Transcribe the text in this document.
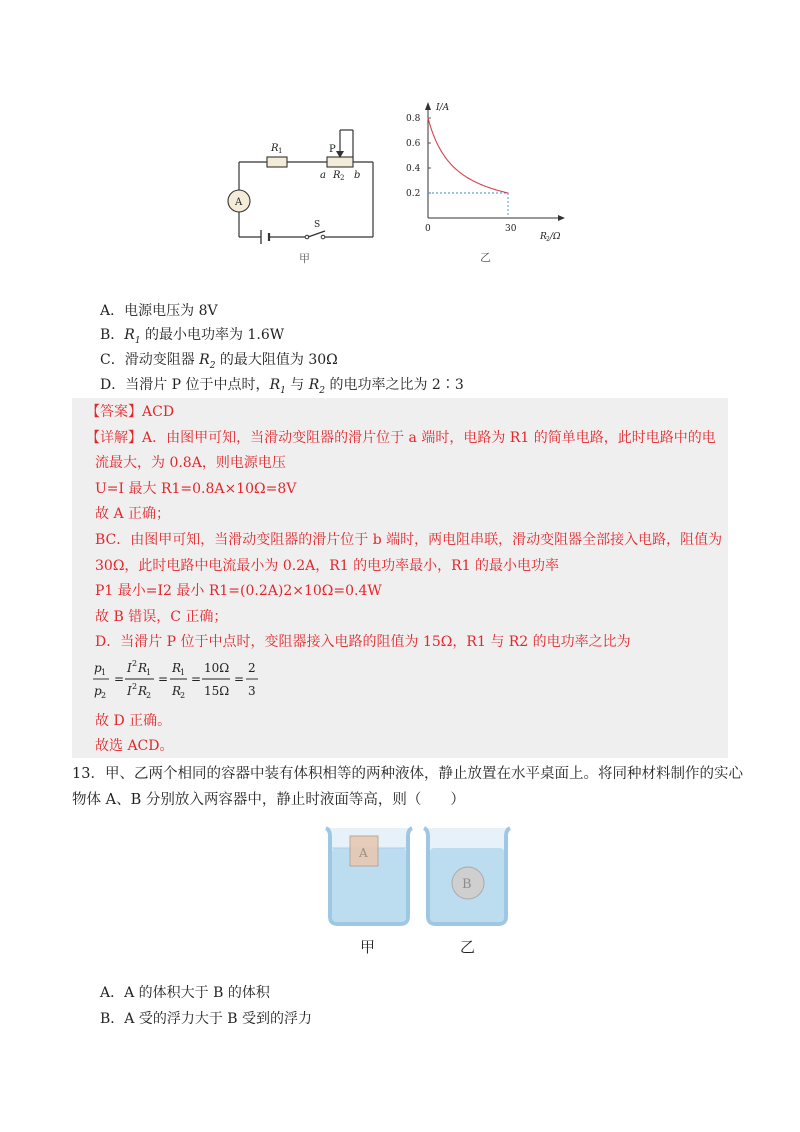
R 1	P
a R 2 b
A
S
甲
I/A
R 2 /Ω
乙
0.8
0.6
0.4
0.2
0	30
A．电源电压为 8V
B．$R_1$ 的最小电功率为 1.6W
C．滑动变阻器 $R_2$ 的最大阻值为 30Ω
D．当滑片 P 位于中点时，$R_1$ 与 $R_2$ 的电功率之比为 2∶3
【答案】ACD
【详解】A．由图甲可知，当滑动变阻器的滑片位于 a 端时，电路为 R1 的简单电路，此时电路中的电
流最大，为 0.8A，则电源电压
U=I 最大 R1=0.8A×10Ω=8V
故 A 正确；
BC．由图甲可知，当滑动变阻器的滑片位于 b 端时，两电阻串联，滑动变阻器全部接入电路，阻值为
30Ω，此时电路中电流最小为 0.2A，R1 的电功率最小，R1 的最小电功率
P1 最小=I2 最小 R1=(0.2A)2×10Ω=0.4W
故 B 错误，C 正确；
D．当滑片 P 位于中点时，变阻器接入电路的阻值为 15Ω，R1 与 R2 的电功率之比为
p 1
p 2
=
I 2 R
1
I 2 R
2
=
R
1
R
2
=
10Ω
15Ω
=
2
3
故 D 正确。
故选 ACD。
13．甲、乙两个相同的容器中装有体积相等的两种液体，静止放置在水平桌面上。将同种材料制作的实心
物体 A、B 分别放入两容器中，静止时液面等高，则（　　）
A
B
甲	乙
A．A 的体积大于 B 的体积
B．A 受的浮力大于 B 受到的浮力
